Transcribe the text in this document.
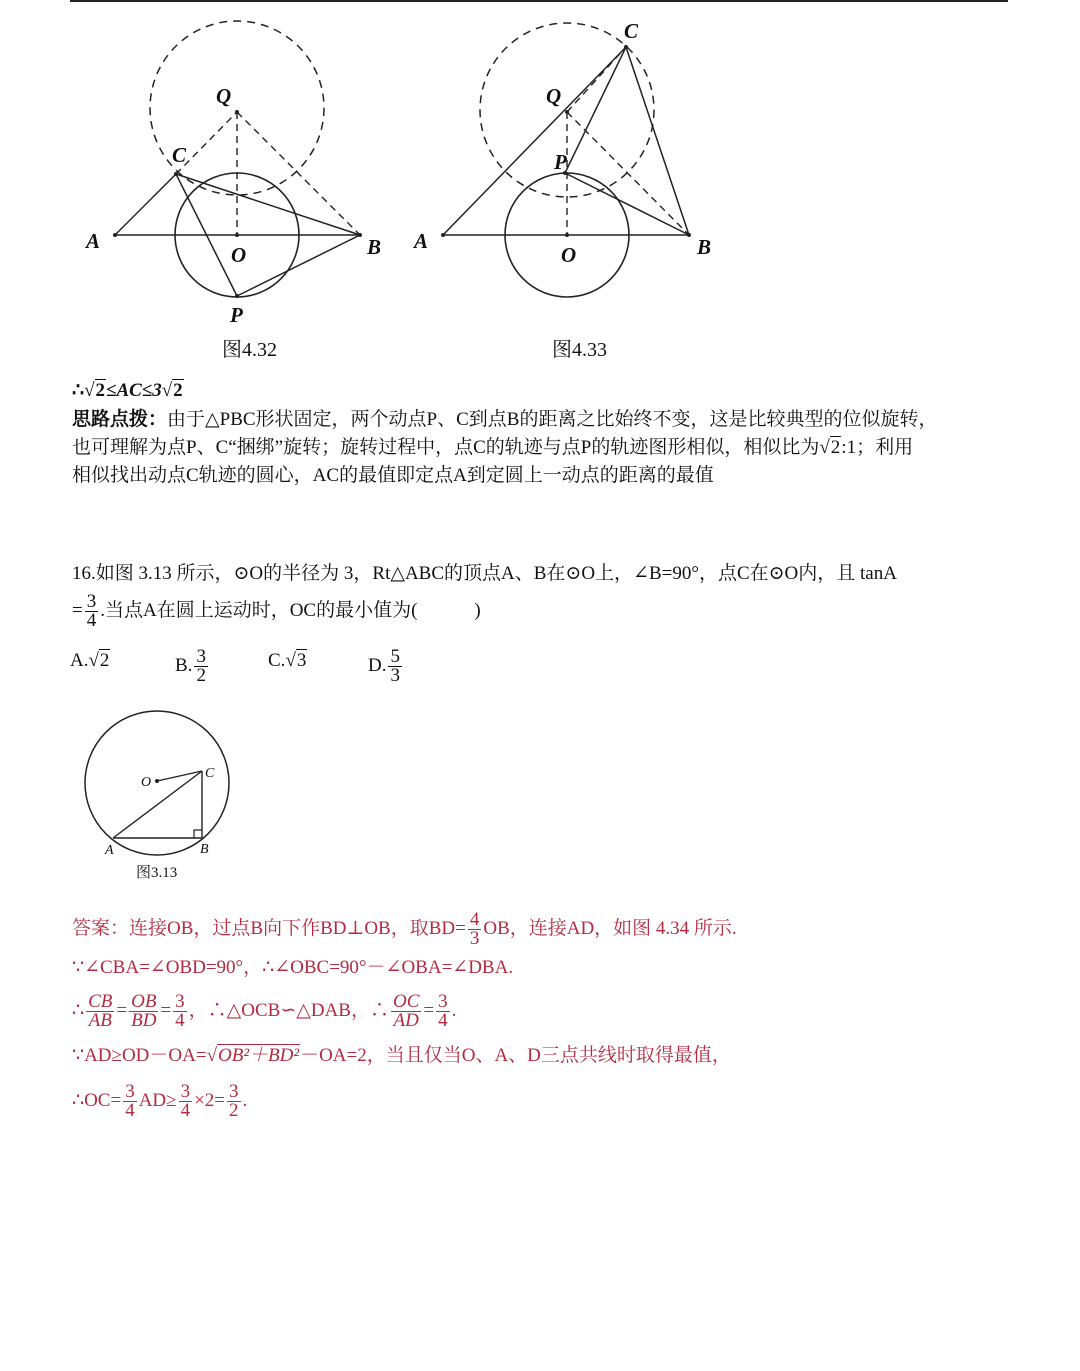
Q
C
A
O	B
P
图4.32
C
Q
P
A
O	B
图4.33
∴√2≤AC≤3√2
思路点拨：由于△PBC形状固定，两个动点P、C到点B的距离之比始终不变，这是比较典型的位似旋转，
也可理解为点P、C“捆绑”旋转；旋转过程中，点C的轨迹与点P的轨迹图形相似，相似比为√2:1；利用
相似找出动点C轨迹的圆心，AC的最值即定点A到定圆上一动点的距离的最值
16.如图 3.13 所示，⊙O的半径为 3，Rt△ABC的顶点A、B在⊙O上，∠B=90°，点C在⊙O内，且 tanA
= $\frac{3}{4}$ .当点A在圆上运动时，OC的最小值为(　　　)
A.√2	B. $\frac{3}{2}$	C.√3	D. $\frac{5}{3}$
O
C
A	B
图3.13
答案：连接OB，过点B向下作BD⊥OB，取$BD= \frac{4}{3}$ OB，连接AD，如图 4.34 所示.
∵∠CBA=∠OBD=90°，∴∠OBC=90°－∠OBA=∠DBA.
∴ $\frac{CB}{AB} = \frac{OB}{BD} = \frac{3}{4}$ ，∴△OCB∽△DAB，∴ $\frac{OC}{AD} = \frac{3}{4}$ .
∵AD≥OD－OA=√OB²＋BD²－OA=2，当且仅当O、A、D三点共线时取得最值，
∴OC= $\frac{3}{4} AD\ge \frac{3}{4} \times 2= \frac{3}{2}$ .
